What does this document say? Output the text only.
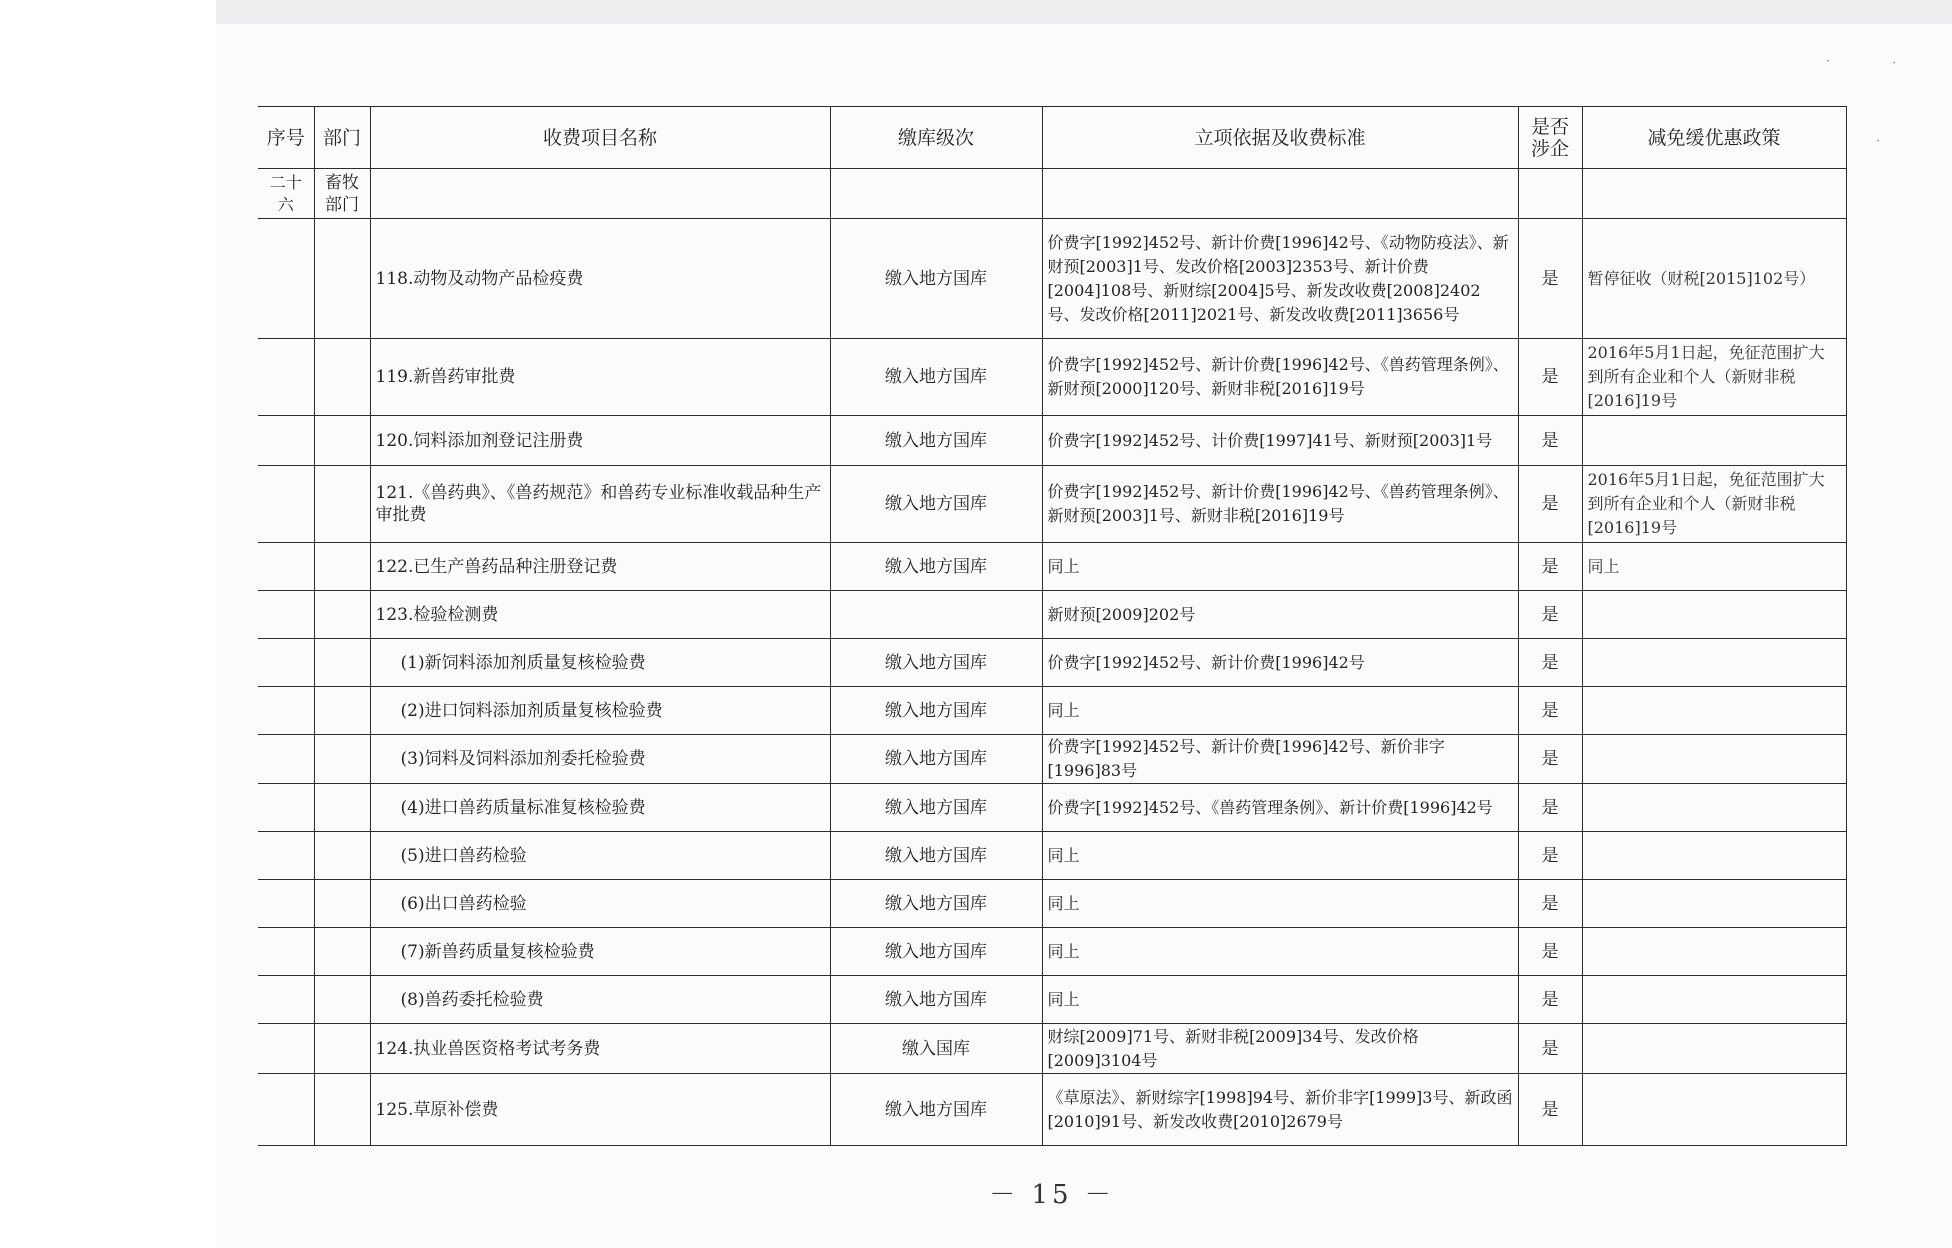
·	·
·
序号	部门	收费项目名称	缴库级次	立项依据及收费标准	是否涉企	减免缓优惠政策
二十六	畜牧部门					
		118.动物及动物产品检疫费	缴入地方国库	价费字[1992]452号、新计价费[1996]42号、《动物防疫法》、新财预[2003]1号、发改价格[2003]2353号、新计价费[2004]108号、新财综[2004]5号、新发改收费[2008]2402号、发改价格[2011]2021号、新发改收费[2011]3656号	是	暂停征收（财税[2015]102号）
		119.新兽药审批费	缴入地方国库	价费字[1992]452号、新计价费[1996]42号、《兽药管理条例》、新财预[2000]120号、新财非税[2016]19号	是	2016年5月1日起，免征范围扩大到所有企业和个人（新财非税[2016]19号
		120.饲料添加剂登记注册费	缴入地方国库	价费字[1992]452号、计价费[1997]41号、新财预[2003]1号	是	
		121.《兽药典》、《兽药规范》和兽药专业标准收载品种生产审批费	缴入地方国库	价费字[1992]452号、新计价费[1996]42号、《兽药管理条例》、新财预[2003]1号、新财非税[2016]19号	是	2016年5月1日起，免征范围扩大到所有企业和个人（新财非税[2016]19号
		122.已生产兽药品种注册登记费	缴入地方国库	同上	是	同上
		123.检验检测费		新财预[2009]202号	是	
		(1)新饲料添加剂质量复核检验费	缴入地方国库	价费字[1992]452号、新计价费[1996]42号	是	
		(2)进口饲料添加剂质量复核检验费	缴入地方国库	同上	是	
		(3)饲料及饲料添加剂委托检验费	缴入地方国库	价费字[1992]452号、新计价费[1996]42号、新价非字[1996]83号	是	
		(4)进口兽药质量标准复核检验费	缴入地方国库	价费字[1992]452号、《兽药管理条例》、新计价费[1996]42号	是	
		(5)进口兽药检验	缴入地方国库	同上	是	
		(6)出口兽药检验	缴入地方国库	同上	是	
		(7)新兽药质量复核检验费	缴入地方国库	同上	是	
		(8)兽药委托检验费	缴入地方国库	同上	是	
		124.执业兽医资格考试考务费	缴入国库	财综[2009]71号、新财非税[2009]34号、发改价格[2009]3104号	是	
		125.草原补偿费	缴入地方国库	《草原法》、新财综字[1998]94号、新价非字[1999]3号、新政函[2010]91号、新发改收费[2010]2679号	是	
－ 15 －
